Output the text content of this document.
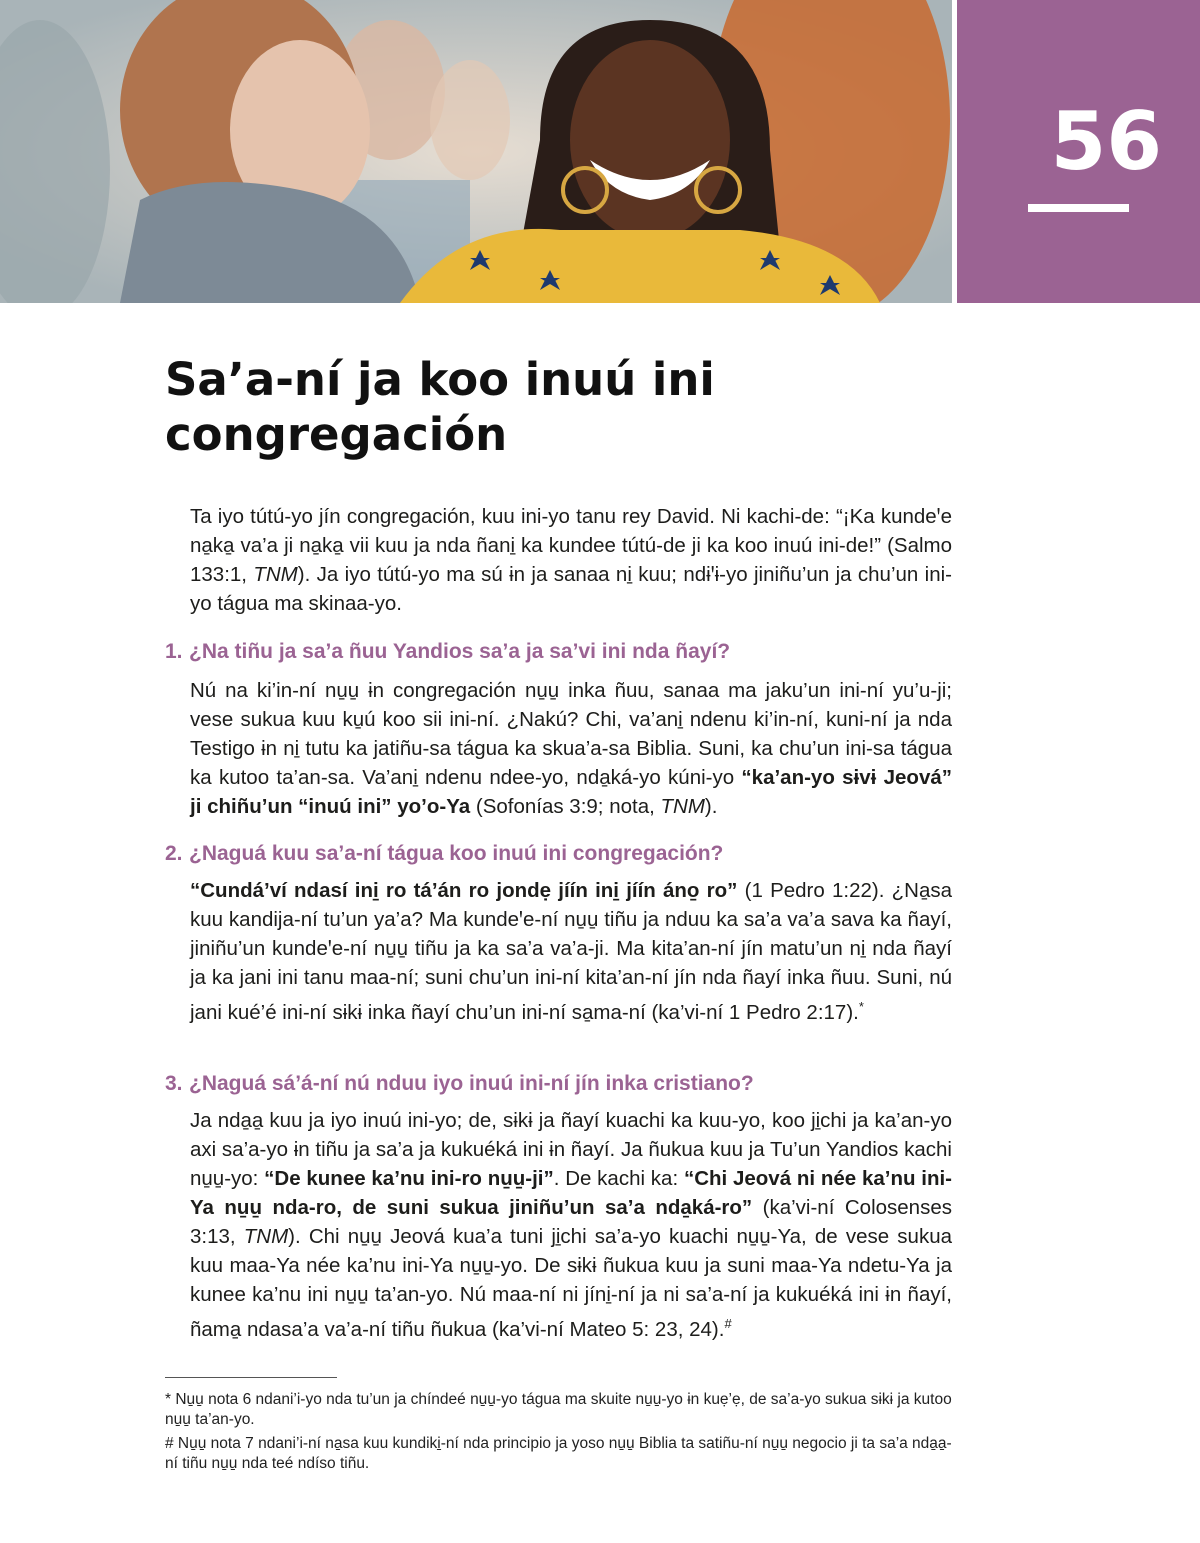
56
Sa’a-ní ja koo inuú ini
congregación

Ta iyo tútú-yo jín congregación, kuu ini-yo tanu rey David. Ni kachi-de: “¡Ka kundeꞌe na̱ka̱ va’a ji na̱ka̱ vii kuu ja nda ñani̱ ka kundee tútú-de ji ka koo inuú ini-de!” (Salmo 133:1, TNM). Ja iyo tútú-yo ma sú ɨn ja sanaa ni̱ kuu; ndɨꞌɨ-yo jiniñu’un ja chu’un ini-yo tágua ma skinaa-yo.

1. ¿Na tiñu ja sa’a ñuu Yandios sa’a ja sa’vi ini nda ñayí?

Nú na ki’in-ní nu̱u̱ ɨn congregación nu̱u̱ inka ñuu, sanaa ma jaku’un ini-ní yu’u-ji; vese sukua kuu ku̱ú koo sii ini-ní. ¿Nakú? Chi, va’ani̱ ndenu ki’in-ní, kuni-ní ja nda Testigo ɨn ni̱ tutu ka jatiñu-sa tágua ka skua’a-sa Biblia. Suni, ka chu’un ini-sa tágua ka kutoo ta’an-sa. Va’ani̱ ndenu ndee-yo, nda̱ká-yo kúni-yo “ka’an-yo sɨvɨ Jeová” ji chiñu’un “inuú ini” yo’o-Ya (Sofonías 3:9; nota, TNM).

2. ¿Naguá kuu sa’a-ní tágua koo inuú ini congregación?

“Cundá’ví ndasí ini̱ ro tá’án ro jondẹ jíín ini̱ jíín áno̱ ro” (1 Pedro 1:22). ¿Na̱sa kuu kandija-ní tu’un ya’a? Ma kundeꞌe-ní nu̱u̱ tiñu ja nduu ka sa’a va’a sava ka ñayí, jiniñu’un kundeꞌe-ní nu̱u̱ tiñu ja ka sa’a va’a-ji. Ma kita’an-ní jín matu’un ni̱ nda ñayí ja ka jani ini tanu maa-ní; suni chu’un ini-ní kita’an-ní jín nda ñayí inka ñuu. Suni, nú jani kué’é ini-ní sɨkɨ inka ñayí chu’un ini-ní sa̱ma-ní (ka’vi-ní 1 Pedro 2:17).*

3. ¿Naguá sá’á-ní nú nduu iyo inuú ini-ní jín inka cristiano?

Ja nda̱a̱ kuu ja iyo inuú ini-yo; de, sɨkɨ ja ñayí kuachi ka kuu-yo, koo ji̱chi ja ka’an-yo axi sa’a-yo ɨn tiñu ja sa’a ja kukuéká ini ɨn ñayí. Ja ñukua kuu ja Tu’un Yandios kachi nu̱u̱-yo: “De kunee ka’nu ini-ro nu̱u̱-ji”. De kachi ka: “Chi Jeová ni née ka’nu ini-Ya nu̱u̱ nda-ro, de suni sukua jiniñu’un sa’a nda̱ká-ro” (ka’vi-ní Colosenses 3:13, TNM). Chi nu̱u̱ Jeová kua’a tuni ji̱chi sa’a-yo kuachi nu̱u̱-Ya, de vese sukua kuu maa-Ya née ka’nu ini-Ya nu̱u̱-yo. De sɨkɨ ñukua kuu ja suni maa-Ya ndetu-Ya ja kunee ka’nu ini nu̱u̱ ta’an-yo. Nú maa-ní ni jíni̱-ní ja ni sa’a-ní ja kukuéká ini ɨn ñayí, ñama̱ ndasa’a va’a-ní tiñu ñukua (ka’vi-ní Mateo 5: 23, 24).#

* Nu̱u̱ nota 6 ndani’i-yo nda tu’un ja chíndeé nu̱u̱-yo tágua ma skuite nu̱u̱-yo ɨn kuẹ’ẹ, de sa’a-yo sukua sɨkɨ ja kutoo nu̱u̱ ta’an-yo.

# Nu̱u̱ nota 7 ndani’i-ní na̱sa kuu kundiki̱-ní nda principio ja yoso nu̱u̱ Biblia ta satiñu-ní nu̱u̱ negocio ji ta sa’a nda̱a̱-ní tiñu nu̱u̱ nda teé ndíso tiñu.
